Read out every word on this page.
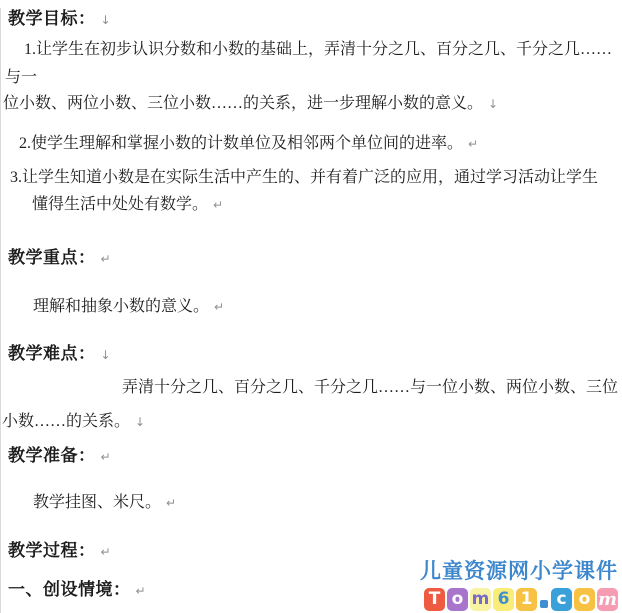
教学目标： ↓

1.让学生在初步认识分数和小数的基础上，弄清十分之几、百分之几、千分之几……

与一

位小数、两位小数、三位小数……的关系，进一步理解小数的意义。 ↓

2.使学生理解和掌握小数的计数单位及相邻两个单位间的进率。 ↵

3.让学生知道小数是在实际生活中产生的、并有着广泛的应用，通过学习活动让学生

懂得生活中处处有数学。 ↵

教学重点： ↵

理解和抽象小数的意义。 ↵

教学难点： ↓

弄清十分之几、百分之几、千分之几……与一位小数、两位小数、三位

小数……的关系。 ↓

教学准备： ↵

教学挂图、米尺。 ↵

教学过程： ↵

一、创设情境： ↵

儿童资源网小学课件
T o m 6 1	c o m
